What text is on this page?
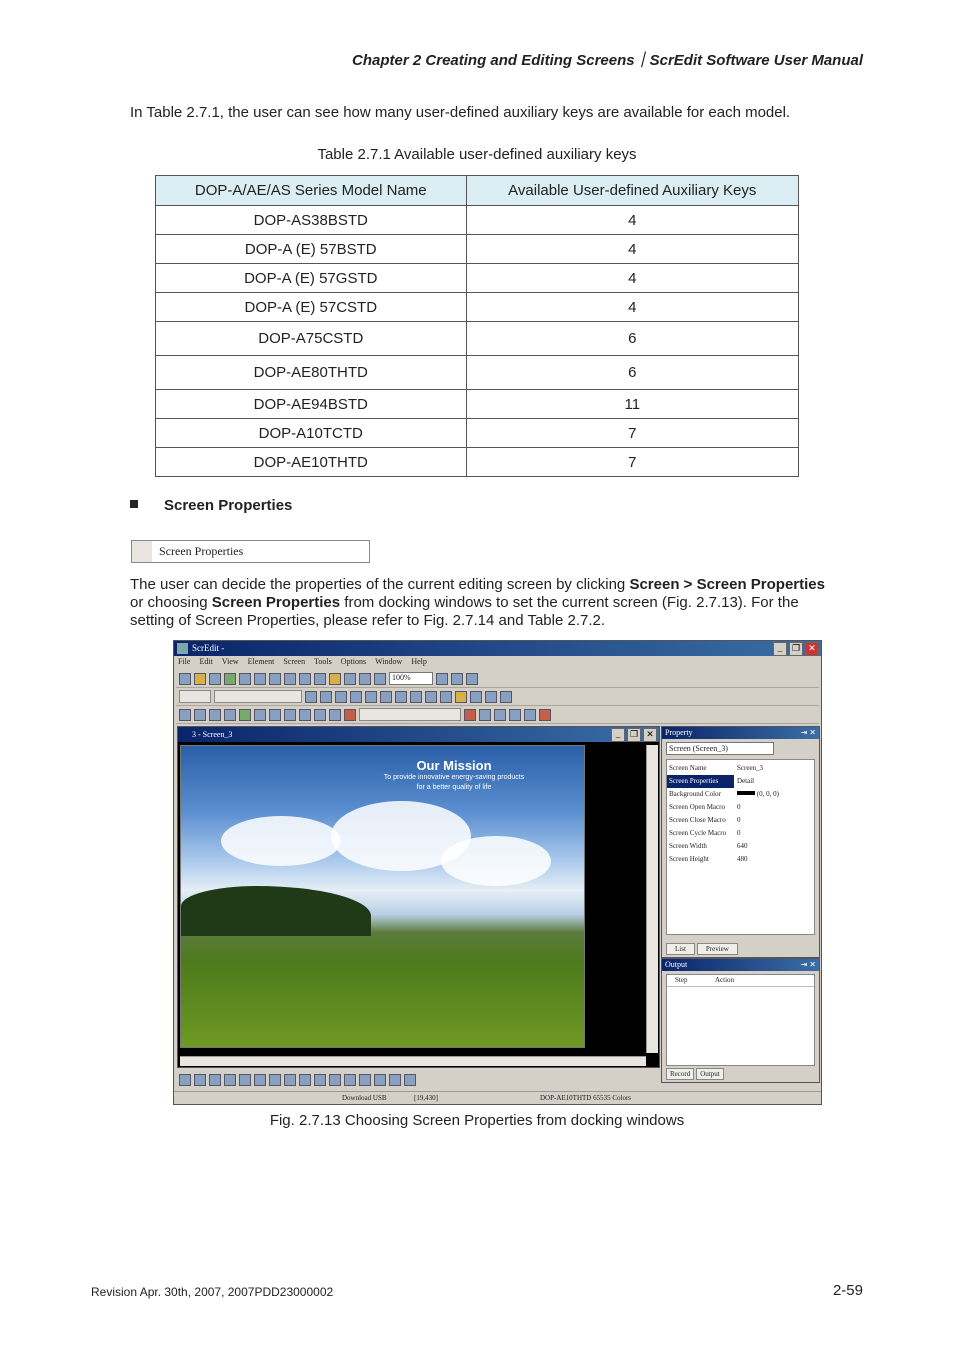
Chapter 2 Creating and Editing Screens｜ScrEdit Software User Manual
In Table 2.7.1, the user can see how many user-defined auxiliary keys are available for each model.
Table 2.7.1 Available user-defined auxiliary keys
DOP-A/AE/AS Series Model Name	Available User-defined Auxiliary Keys
DOP-AS38BSTD	4
DOP-A (E) 57BSTD	4
DOP-A (E) 57GSTD	4
DOP-A (E) 57CSTD	4
DOP-A75CSTD	6
DOP-AE80THTD	6
DOP-AE94BSTD	11
DOP-A10TCTD	7
DOP-AE10THTD	7
Screen Properties
Screen Properties
The user can decide the properties of the current editing screen by clicking Screen > Screen Properties or choosing Screen Properties from docking windows to set the current screen (Fig. 2.7.13). For the setting of Screen Properties, please refer to Fig. 2.7.14 and Table 2.7.2.
ScrEdit -	_	❐ ✕
File Edit View Element Screen Tools Options Window Help
100%
3 - Screen_3	_	❐ ✕
Our Mission
To provide innovative energy-saving products
for a better quality of life
Property	⇥ ✕
Screen (Screen_3)
Screen Name	Screen_3
Screen Properties	Detail
Background Color	(0, 0, 0)
Screen Open Macro	0
Screen Close Macro	0
Screen Cycle Macro	0
Screen Width	640
Screen Height	480
List	Preview
Output	⇥ ✕
Step	Action
Record	Output
Download USB	[19,430]	DOP-AE10THTD 65535 Colors
Fig. 2.7.13 Choosing Screen Properties from docking windows
Revision Apr. 30th, 2007, 2007PDD23000002	2-59
